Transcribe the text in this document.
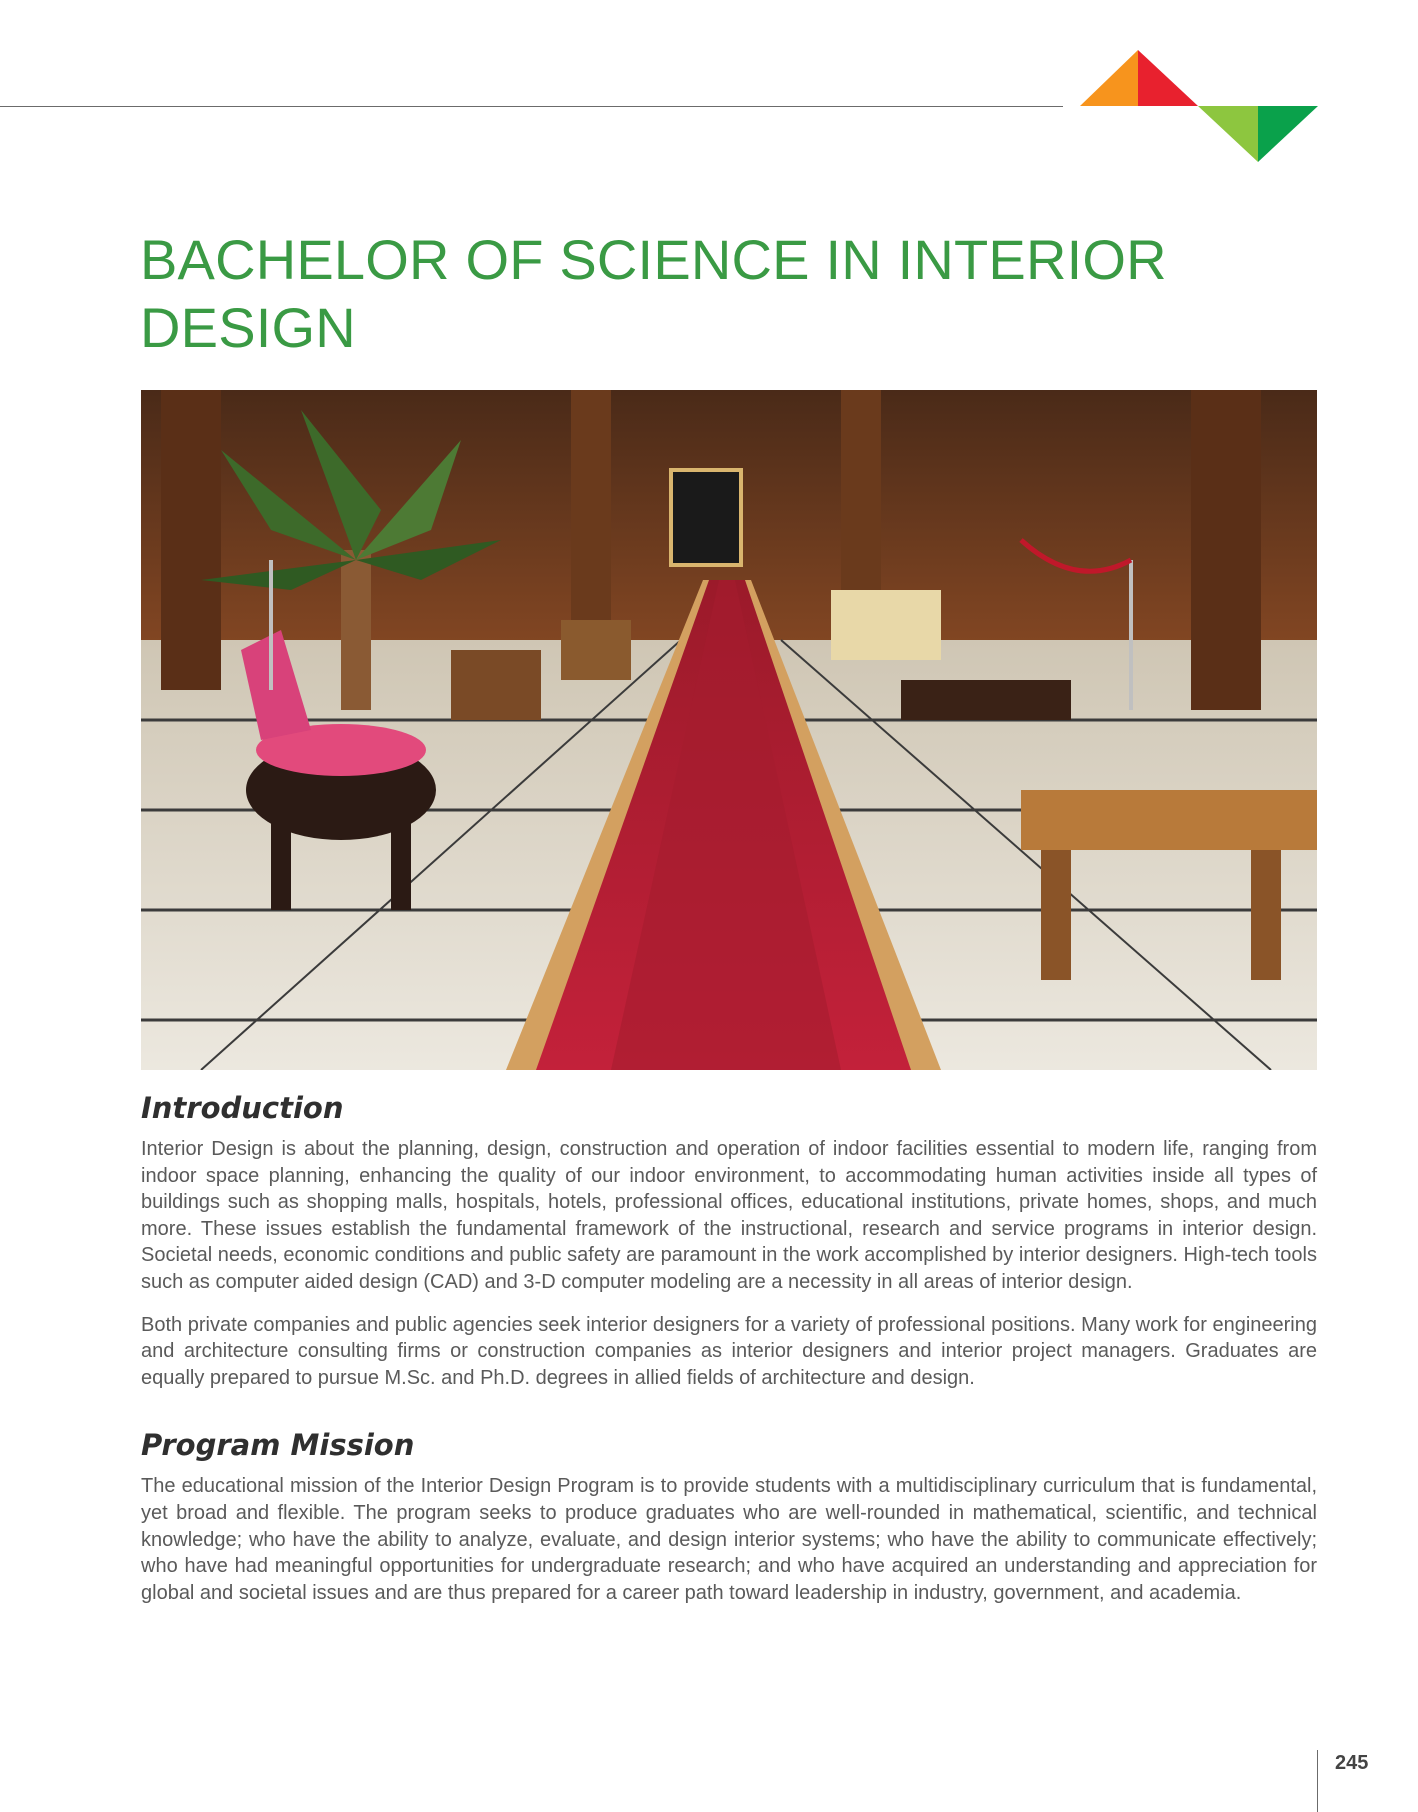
BACHELOR OF SCIENCE IN INTERIOR DESIGN
Introduction

Interior Design is about the planning, design, construction and operation of indoor facilities essential to modern life, ranging from indoor space planning, enhancing the quality of our indoor environment, to accommodating human activities inside all types of buildings such as shopping malls, hospitals, hotels, professional offices, educational institutions, private homes, shops, and much more. These issues establish the fundamental framework of the instructional, research and service programs in interior design. Societal needs, economic conditions and public safety are paramount in the work accomplished by interior designers. High-tech tools such as computer aided design (CAD) and 3-D computer modeling are a necessity in all areas of interior design.

Both private companies and public agencies seek interior designers for a variety of professional positions. Many work for engineering and architecture consulting firms or construction companies as interior designers and interior project managers. Graduates are equally prepared to pursue M.Sc. and Ph.D. degrees in allied fields of architecture and design.

Program Mission

The educational mission of the Interior Design Program is to provide students with a multidisciplinary curriculum that is fundamental, yet broad and flexible. The program seeks to produce graduates who are well-rounded in mathematical, scientific, and technical knowledge; who have the ability to analyze, evaluate, and design interior systems; who have the ability to communicate effectively; who have had meaningful opportunities for undergraduate research; and who have acquired an understanding and appreciation for global and societal issues and are thus prepared for a career path toward leadership in industry, government, and academia.

245
